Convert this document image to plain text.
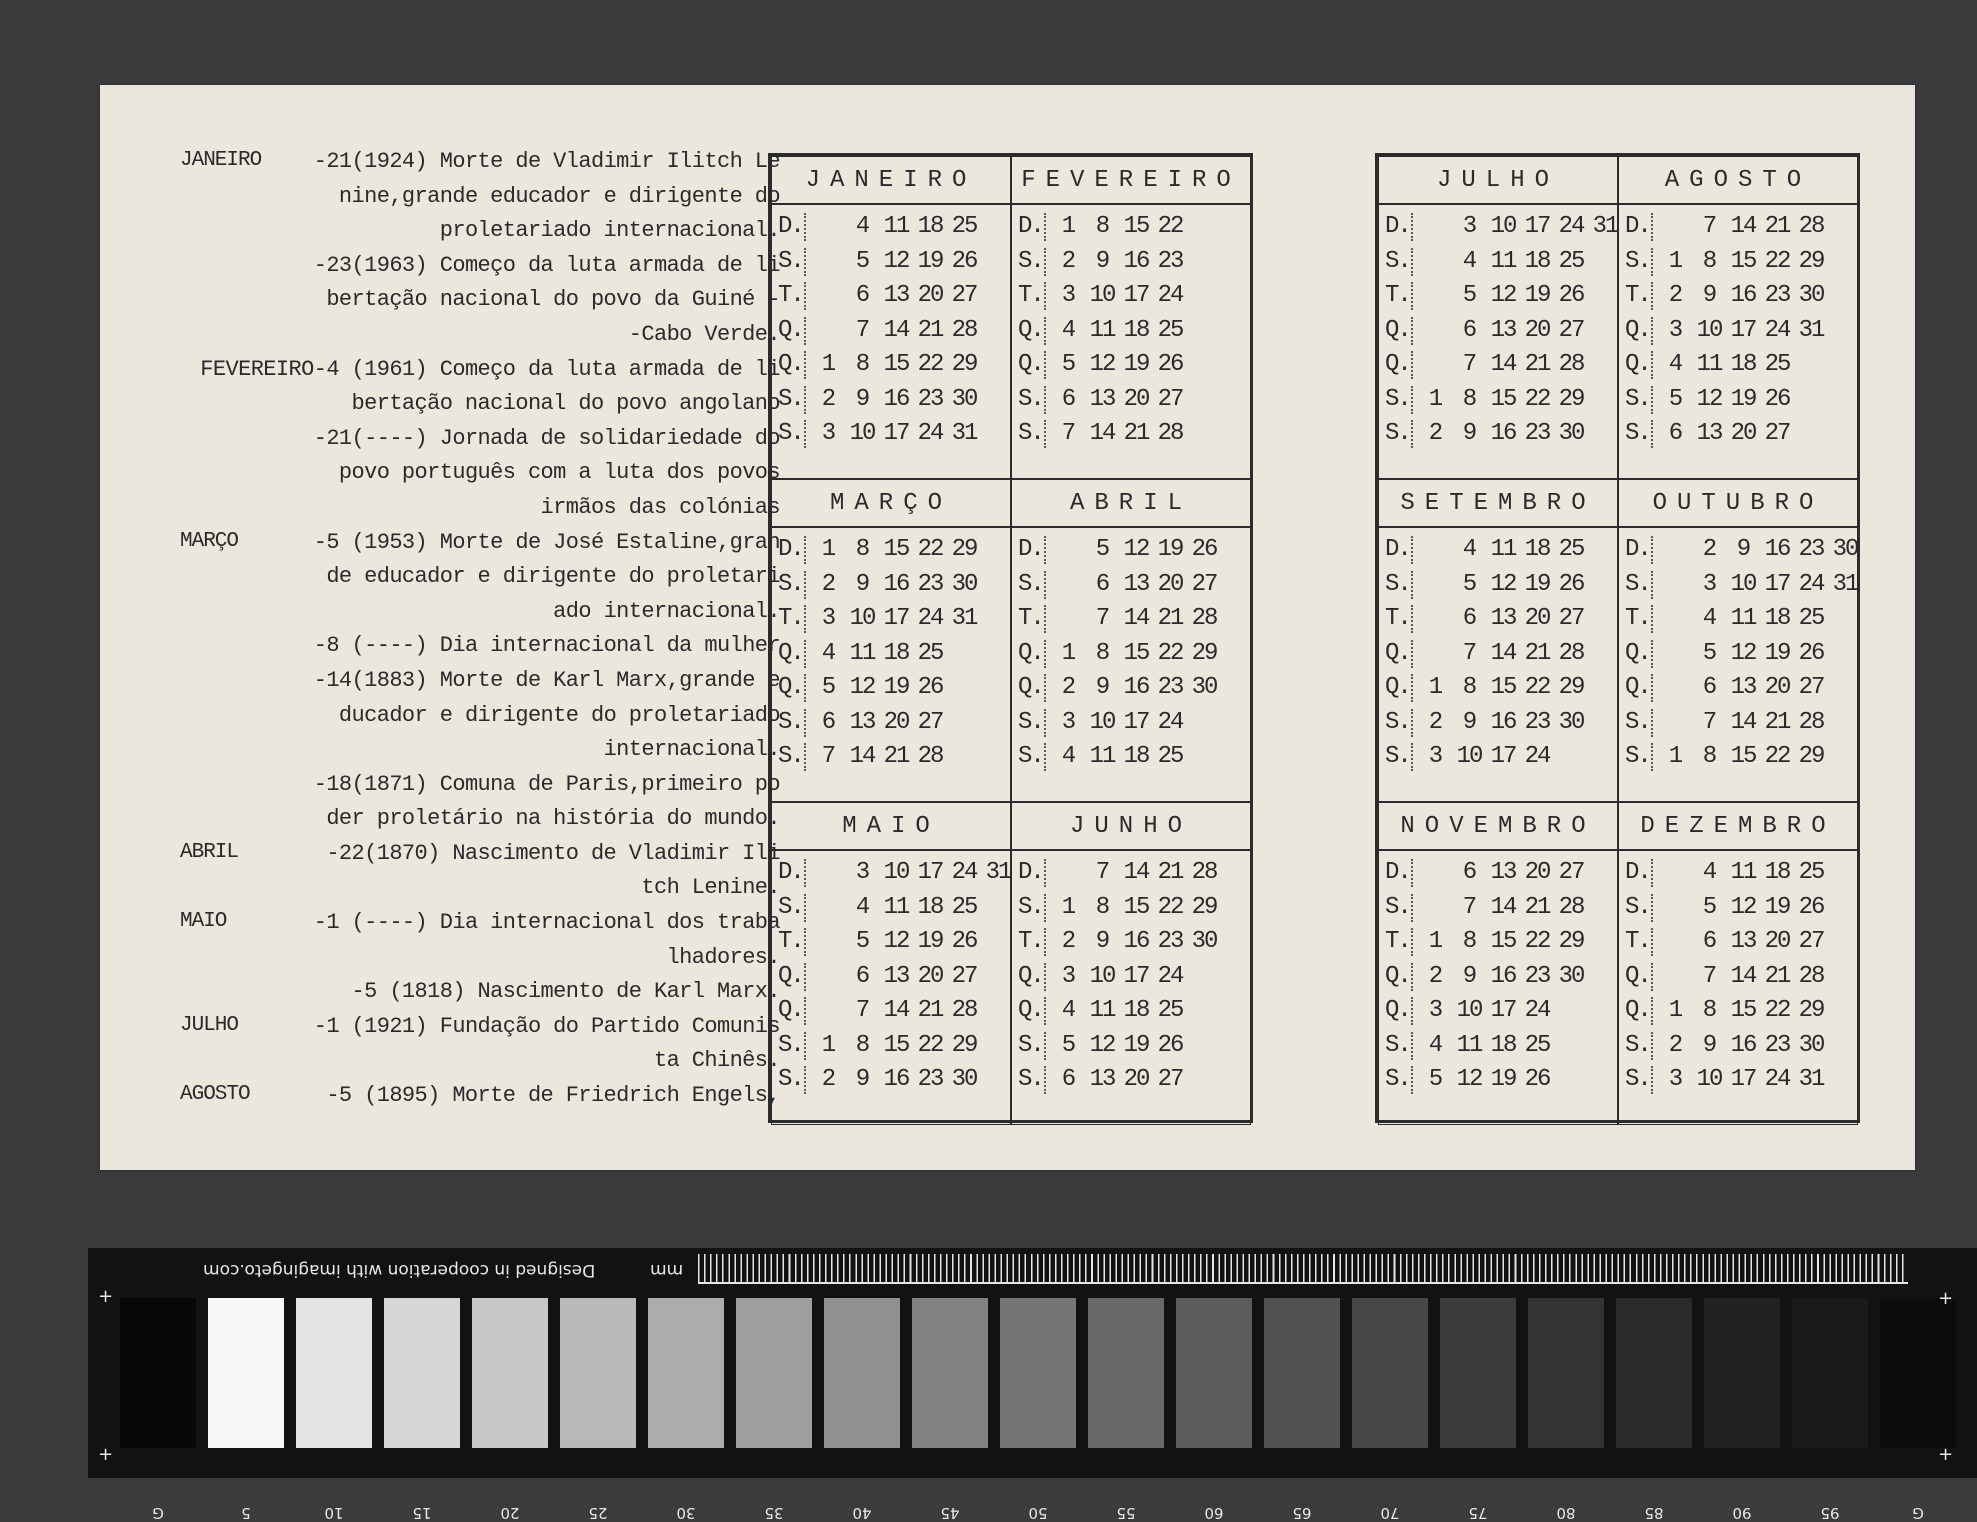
JANEIRO -21(1924) Morte de Vladimir Ilitch Le
nine,grande educador e dirigente do
proletariado internacional.
-23(1963) Começo da luta armada de li
bertação nacional do povo da Guiné -
-Cabo Verde.
FEVEREIRO-4 (1961) Começo da luta armada de li
bertação nacional do povo angolano
-21(----) Jornada de solidariedade do
povo português com a luta dos povos
irmãos das colónias
MARÇO	-5 (1953) Morte de José Estaline,gran
de educador e dirigente do proletari
ado internacional.
-8 (----) Dia internacional da mulher
-14(1883) Morte de Karl Marx,grande e
ducador e dirigente do proletariado
internacional.
-18(1871) Comuna de Paris,primeiro po
der proletário na história do mundo.
ABRIL	-22(1870) Nascimento de Vladimir Ili
tch Lenine.
MAIO	-1 (----) Dia internacional dos traba
lhadores.
-5 (1818) Nascimento de Karl Marx.
JULHO	-1 (1921) Fundação do Partido Comunis
ta Chinês.
AGOSTO	-5 (1895) Morte de Friedrich Engels,
JANEIRO
D.	4 11 18 25
S.	5 12 19 26
T.	6 13 20 27
Q.	7 14 21 28
Q. 1 8 15 22 29
S. 2 9 16 23 30
S. 3 10 17 24 31
FEVEREIRO
D. 1 8 15 22
S. 2 9 16 23
T. 3 10 17 24
Q. 4 11 18 25
Q. 5 12 19 26
S. 6 13 20 27
S. 7 14 21 28
MARÇO
D. 1 8 15 22 29
S. 2 9 16 23 30
T. 3 10 17 24 31
Q. 4 11 18 25
Q. 5 12 19 26
S. 6 13 20 27
S. 7 14 21 28
ABRIL
D.	5 12 19 26
S.	6 13 20 27
T.	7 14 21 28
Q. 1 8 15 22 29
Q. 2 9 16 23 30
S. 3 10 17 24
S. 4 11 18 25
MAIO
D.	3 10 17 24 31
S.	4 11 18 25
T.	5 12 19 26
Q.	6 13 20 27
Q.	7 14 21 28
S. 1 8 15 22 29
S. 2 9 16 23 30
JUNHO
D.	7 14 21 28
S. 1 8 15 22 29
T. 2 9 16 23 30
Q. 3 10 17 24
Q. 4 11 18 25
S. 5 12 19 26
S. 6 13 20 27
JULHO
D.	3 10 17 24 31
S.	4 11 18 25
T.	5 12 19 26
Q.	6 13 20 27
Q.	7 14 21 28
S. 1 8 15 22 29
S. 2 9 16 23 30
AGOSTO
D.	7 14 21 28
S. 1 8 15 22 29
T. 2 9 16 23 30
Q. 3 10 17 24 31
Q. 4 11 18 25
S. 5 12 19 26
S. 6 13 20 27
SETEMBRO
D.	4 11 18 25
S.	5 12 19 26
T.	6 13 20 27
Q.	7 14 21 28
Q. 1 8 15 22 29
S. 2 9 16 23 30
S. 3 10 17 24
OUTUBRO
D.	2 9 16 23 30
S.	3 10 17 24 31
T.	4 11 18 25
Q.	5 12 19 26
Q.	6 13 20 27
S.	7 14 21 28
S. 1 8 15 22 29
NOVEMBRO
D.	6 13 20 27
S.	7 14 21 28
T. 1 8 15 22 29
Q. 2 9 16 23 30
Q. 3 10 17 24
S. 4 11 18 25
S. 5 12 19 26
DEZEMBRO
D.	4 11 18 25
S.	5 12 19 26
T.	6 13 20 27
Q.	7 14 21 28
Q. 1 8 15 22 29
S. 2 9 16 23 30
S. 3 10 17 24 31
Designed in cooperation with imagingeto.com	mm
G	5	10	15	20	25	30	35	40	45	50	55	60	65	70	75	80	85	90	95	G
+	+
+	+
